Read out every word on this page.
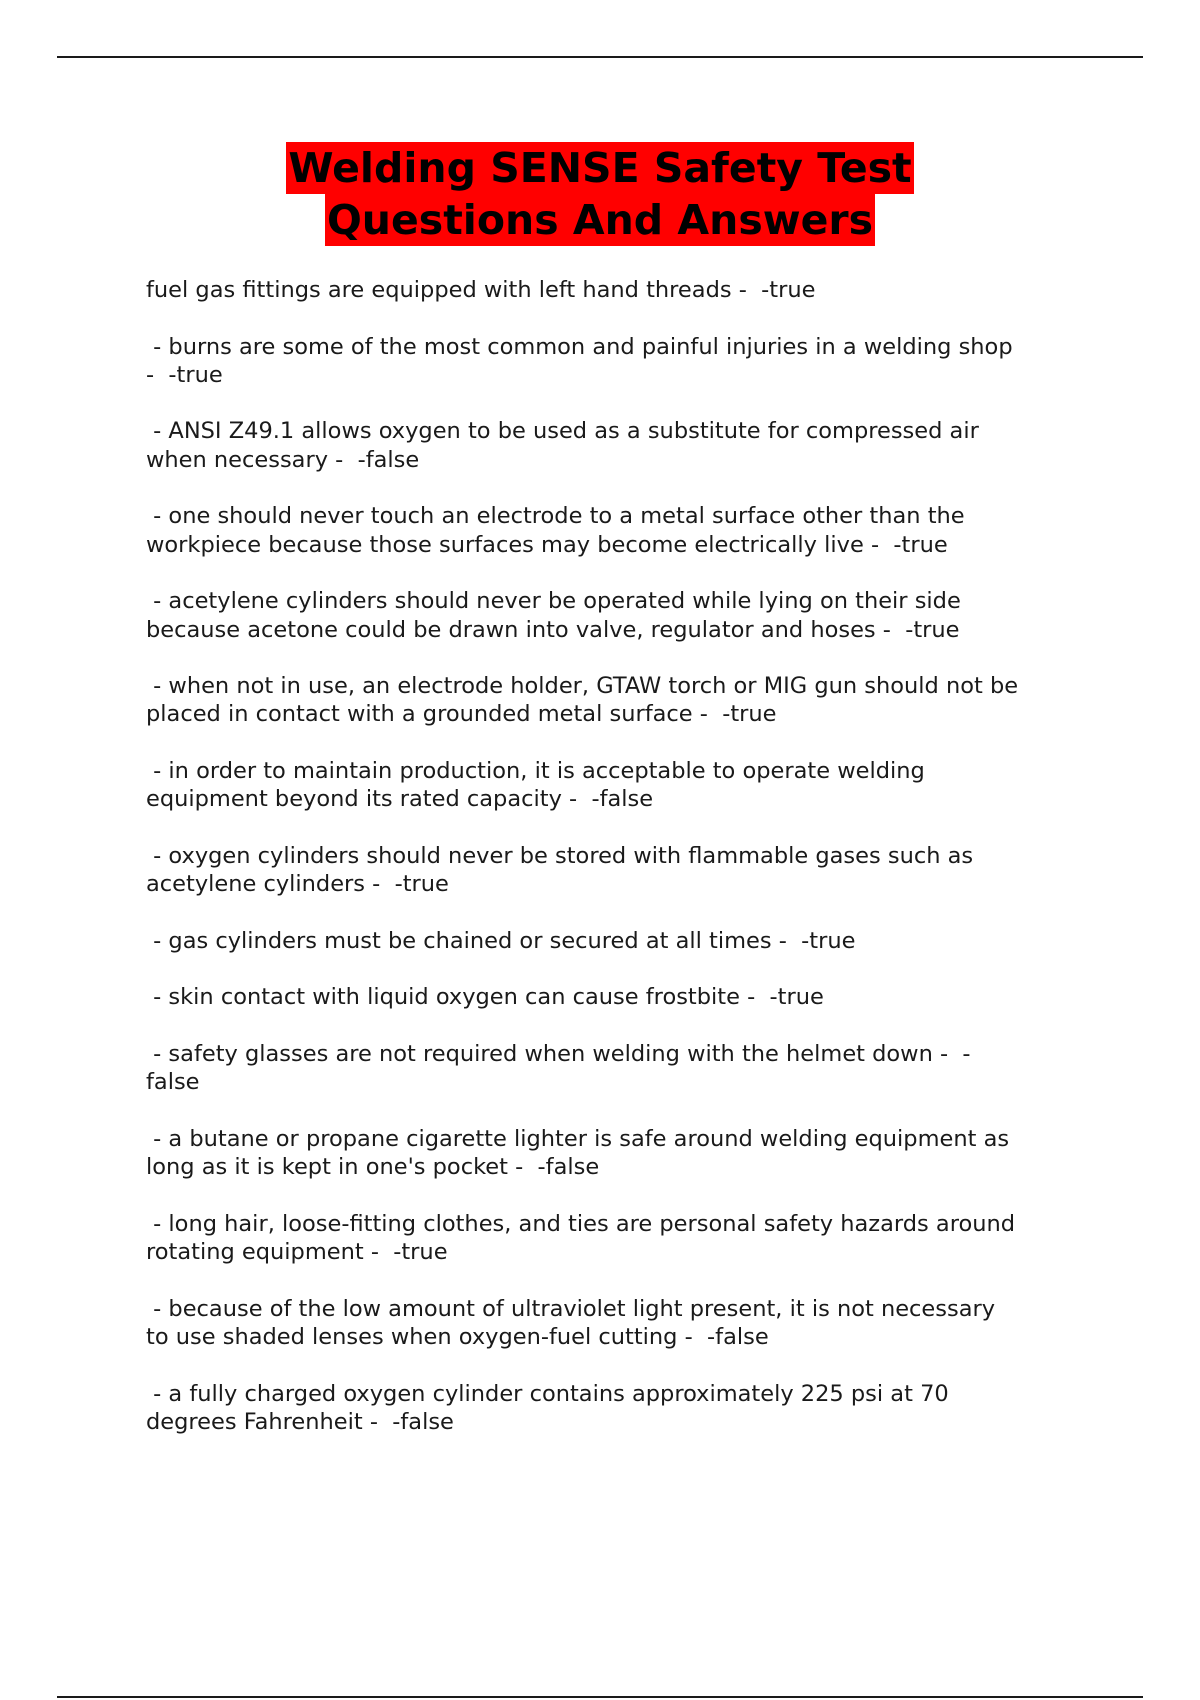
Welding SENSE Safety Test
Questions And Answers
fuel gas fittings are equipped with left hand threads -  -true
- burns are some of the most common and painful injuries in a welding shop
-  -true
- ANSI Z49.1 allows oxygen to be used as a substitute for compressed air
when necessary -  -false
- one should never touch an electrode to a metal surface other than the
workpiece because those surfaces may become electrically live -  -true
- acetylene cylinders should never be operated while lying on their side
because acetone could be drawn into valve, regulator and hoses -  -true
- when not in use, an electrode holder, GTAW torch or MIG gun should not be
placed in contact with a grounded metal surface -  -true
- in order to maintain production, it is acceptable to operate welding
equipment beyond its rated capacity -  -false
- oxygen cylinders should never be stored with flammable gases such as
acetylene cylinders -  -true
- gas cylinders must be chained or secured at all times -  -true
- skin contact with liquid oxygen can cause frostbite -  -true
- safety glasses are not required when welding with the helmet down -  -
false
- a butane or propane cigarette lighter is safe around welding equipment as
long as it is kept in one's pocket -  -false
- long hair, loose-fitting clothes, and ties are personal safety hazards around
rotating equipment -  -true
- because of the low amount of ultraviolet light present, it is not necessary
to use shaded lenses when oxygen-fuel cutting -  -false
- a fully charged oxygen cylinder contains approximately 225 psi at 70
degrees Fahrenheit -  -false
